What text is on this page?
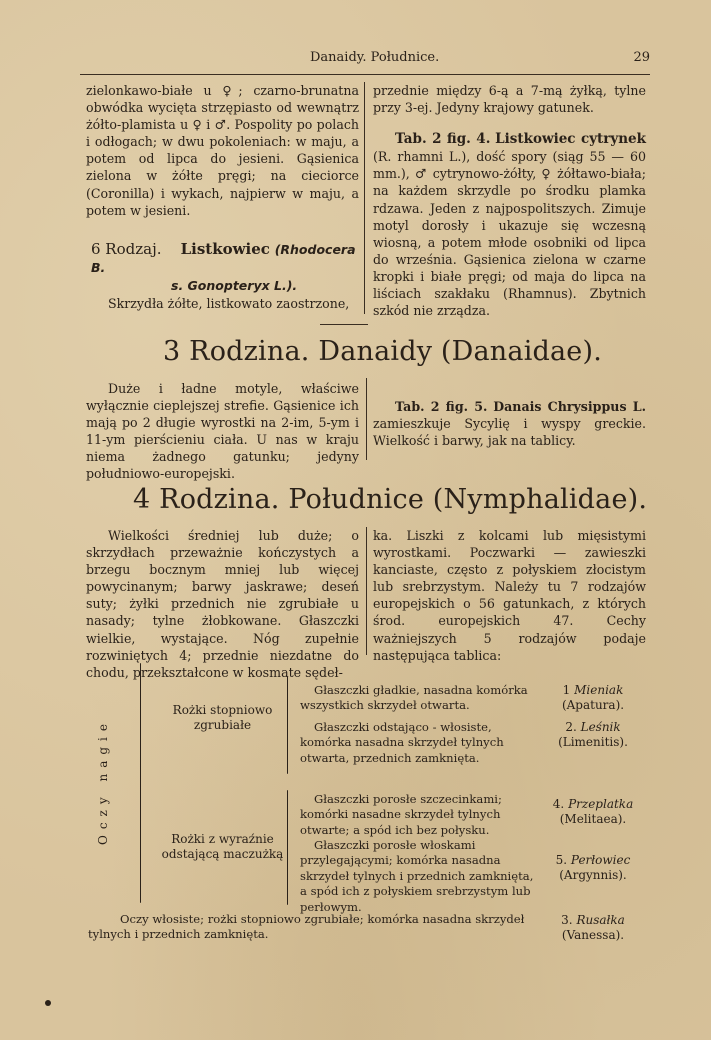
Danaidy. Południce.	29

zielonkawo-białe u ♀; czarno-brunatna obwódka wycięta strzępiasto od wewnątrz żółto-plamista u ♀ i ♂. Pospolity po polach i odłogach; w dwu pokoleniach: w maju, a potem od lipca do jesieni. Gąsienica zielona w żółte pręgi; na cieciorce (Coronilla) i wykach, najpierw w maju, a potem w jesieni.

6 Rodzaj. Listkowiec (Rhodocera B.
s. Gonopteryx L.).

Skrzydła żółte, listkowato zaostrzone,

przednie między 6-ą a 7-mą żyłką, tylne przy 3-ej. Jedyny krajowy gatunek.

Tab. 2 fig. 4. Listkowiec cytrynek (R. rhamni L.), dość spory (siąg 55 — 60 mm.), ♂ cytrynowo-żółty, ♀ żółtawo-biała; na każdem skrzydle po środku plamka rdzawa. Jeden z najpospolitszych. Zimuje motyl dorosły i ukazuje się wczesną wiosną, a potem młode osobniki od lipca do września. Gąsienica zielona w czarne kropki i białe pręgi; od maja do lipca na liściach szakłaku (Rhamnus). Zbytnich szkód nie zrządza.

3 Rodzina. Danaidy (Danaidae).

Duże i ładne motyle, właściwe wyłącznie cieplejszej strefie. Gąsienice ich mają po 2 długie wyrostki na 2-im, 5-ym i 11-ym pierścieniu ciała. U nas w kraju niema żadnego gatunku; jedyny południowo-europejski.

Tab. 2 fig. 5. Danais Chrysippus L. zamieszkuje Sycylię i wyspy greckie. Wielkość i barwy, jak na tablicy.

4 Rodzina. Południce (Nymphalidae).

Wielkości średniej lub duże; o skrzydłach przeważnie kończystych a brzegu bocznym mniej lub więcej powycinanym; barwy jaskrawe; deseń suty; żyłki przednich nie zgrubiałe u nasady; tylne żłobkowane. Głaszczki wielkie, wystające. Nóg zupełnie rozwiniętych 4; przednie niezdatne do chodu, przekształcone w kosmate sędeł-

ka. Liszki z kolcami lub mięsistymi wyrostkami. Poczwarki — zawieszki kanciaste, często z połyskiem złocistym lub srebrzystym. Należy tu 7 rodzajów europejskich o 56 gatunkach, z których środ. europejskich 47. Cechy ważniejszych 5 rodzajów podaje następująca tablica:

Oczy nagie
Rożki stopniowo zgrubiałe
Rożki z wyraźnie odstającą maczużką
Głaszczki gładkie, nasadna komórka wszystkich skrzydeł otwarta.
Głaszczki odstająco - włosiste, komórka nasadna skrzydeł tylnych otwarta, przednich zamknięta.
Głaszczki porosłe szczecinkami; komórki nasadne skrzydeł tylnych otwarte; a spód ich bez połysku.
Głaszczki porosłe włoskami przylegającymi; komórka nasadna skrzydeł tylnych i przednich zamknięta, a spód ich z połyskiem srebrzystym lub perłowym.
1 Mieniak
(Apatura).
2. Leśnik
(Limenitis).
4. Przeplatka
(Melitaea).
5. Perłowiec
(Argynnis).
Oczy włosiste; rożki stopniowo zgrubiałe; komórka nasadna skrzydeł tylnych i przednich zamknięta.
3. Rusałka
(Vanessa).
